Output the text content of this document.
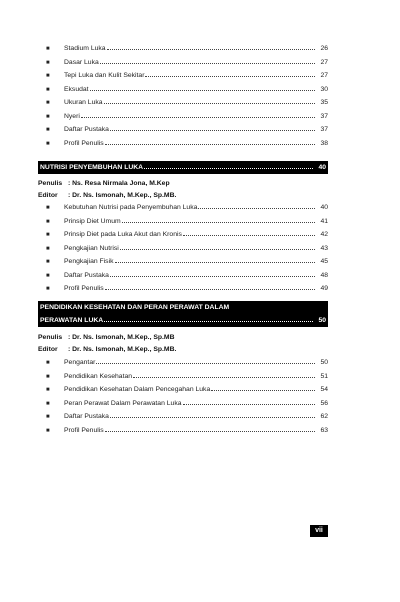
■	Stadium Luka	26
■	Dasar Luka	27
■	Tepi Luka dan Kulit Sekitar	27
■	Eksudat	30
■	Ukuran Luka	35
■	Nyeri	37
■	Daftar Pustaka	37
■	Profil Penulis	38
NUTRISI PENYEMBUHAN LUKA	40
Penulis : Ns. Resa Nirmala Jona, M.Kep
Editor : Dr. Ns. Ismonah, M.Kep., Sp.MB.
■	Kebutuhan Nutrisi pada Penyembuhan Luka	40
■	Prinsip Diet Umum	41
■	Prinsip Diet pada Luka Akut dan Kronis	42
■	Pengkajian Nutrisi	43
■	Pengkajian Fisik	45
■	Daftar Pustaka	48
■	Profil Penulis	49
PENDIDIKAN KESEHATAN DAN PERAN PERAWAT DALAM
PERAWATAN LUKA	50
Penulis : Dr. Ns. Ismonah, M.Kep., Sp.MB
Editor : Dr. Ns. Ismonah, M.Kep., Sp.MB.
■	Pengantar	50
■	Pendidikan Kesehatan	51
■	Pendidikan Kesehatan Dalam Pencegahan Luka	54
■	Peran Perawat Dalam Perawatan Luka	56
■	Daftar Pustaka	62
■	Profil Penulis	63
vii
